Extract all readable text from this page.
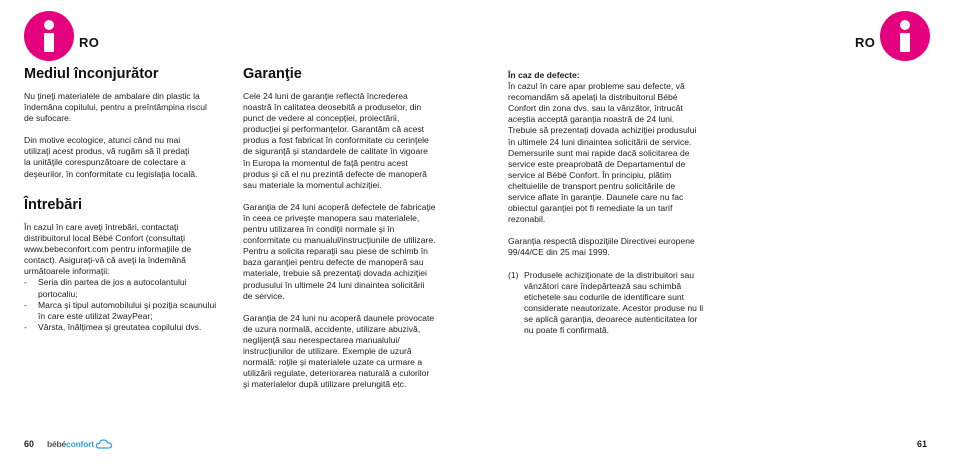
RO
Mediul înconjurător

Nu ţineţi materialele de ambalare din plastic la
îndemâna copilului, pentru a preîntâmpina riscul
de sufocare.

Din motive ecologice, atunci când nu mai
utilizaţi acest produs, vă rugăm să îl predaţi
la unităţile corespunzătoare de colectare a
deşeurilor, în conformitate cu legislaţia locală.

Întrebări
În cazul în care aveţi întrebări, contactaţi
distribuitorul local Bébé Confort (consultaţi
www.bebeconfort.com pentru informaţiile de
contact). Asiguraţi-vă că aveţi la îndemână
următoarele informaţii:
- Seria din partea de jos a autocolantului
portocaliu;
- Marca şi tipul automobilului şi poziţia scaunului
în care este utilizat 2wayPear;
- Vârsta, înălţimea şi greutatea copilului dvs.
Garanţie

Cele 24 luni de garanţie reflectă încrederea
noastră în calitatea deosebită a produselor, din
punct de vedere al concepţiei, proiectării,
producţiei şi performanţelor. Garantăm că acest
produs a fost fabricat în conformitate cu cerinţele
de siguranţă şi standardele de calitate în vigoare
în Europa la momentul de faţă pentru acest
produs şi că el nu prezintă defecte de manoperă
sau materiale la momentul achiziţiei.

Garanţia de 24 luni acoperă defectele de fabricaţie
în ceea ce priveşte manopera sau materialele,
pentru utilizarea în condiţii normale şi în
conformitate cu manualul/instrucţiunile de utilizare.
Pentru a solicita reparaţii sau piese de schimb în
baza garanţiei pentru defecte de manoperă sau
materiale, trebuie să prezentaţi dovada achiziţiei
produsului în ultimele 24 luni dinaintea solicitării
de service.

Garanţia de 24 luni nu acoperă daunele provocate
de uzura normală, accidente, utilizare abuzivă,
neglijenţă sau nerespectarea manualului/
instrucţiunilor de utilizare. Exemple de uzură
normală: roţile şi materialele uzate ca urmare a
utilizării regulate, deteriorarea naturală a culorilor
şi materialelor după utilizare prelungită etc.

60 bébéconfort
RO
În caz de defecte:

În cazul în care apar probleme sau defecte, vă
recomandăm să apelaţi la distribuitorul Bébé
Confort din zona dvs. sau la vânzător, întrucât
aceştia acceptă garanţia noastră de 24 luni.
Trebuie să prezentaţi dovada achiziţiei produsului
în ultimele 24 luni dinaintea solicitării de service.
Demersurile sunt mai rapide dacă solicitarea de
service este preaprobată de Departamentul de
service al Bébé Confort. În principiu, plătim
cheltuielile de transport pentru solicitările de
service aflate în garanţie. Daunele care nu fac
obiectul garanţiei pot fi remediate la un tarif
rezonabil.

Garanţia respectă dispoziţiile Directivei europene
99/44/CE din 25 mai 1999.

(1) Produsele achiziţionate de la distribuitori sau
vânzători care îndepărtează sau schimbă
etichetele sau codurile de identificare sunt
considerate neautorizate. Acestor produse nu li
se aplică garanţia, deoarece autenticitatea lor
nu poate fi confirmată.
61
